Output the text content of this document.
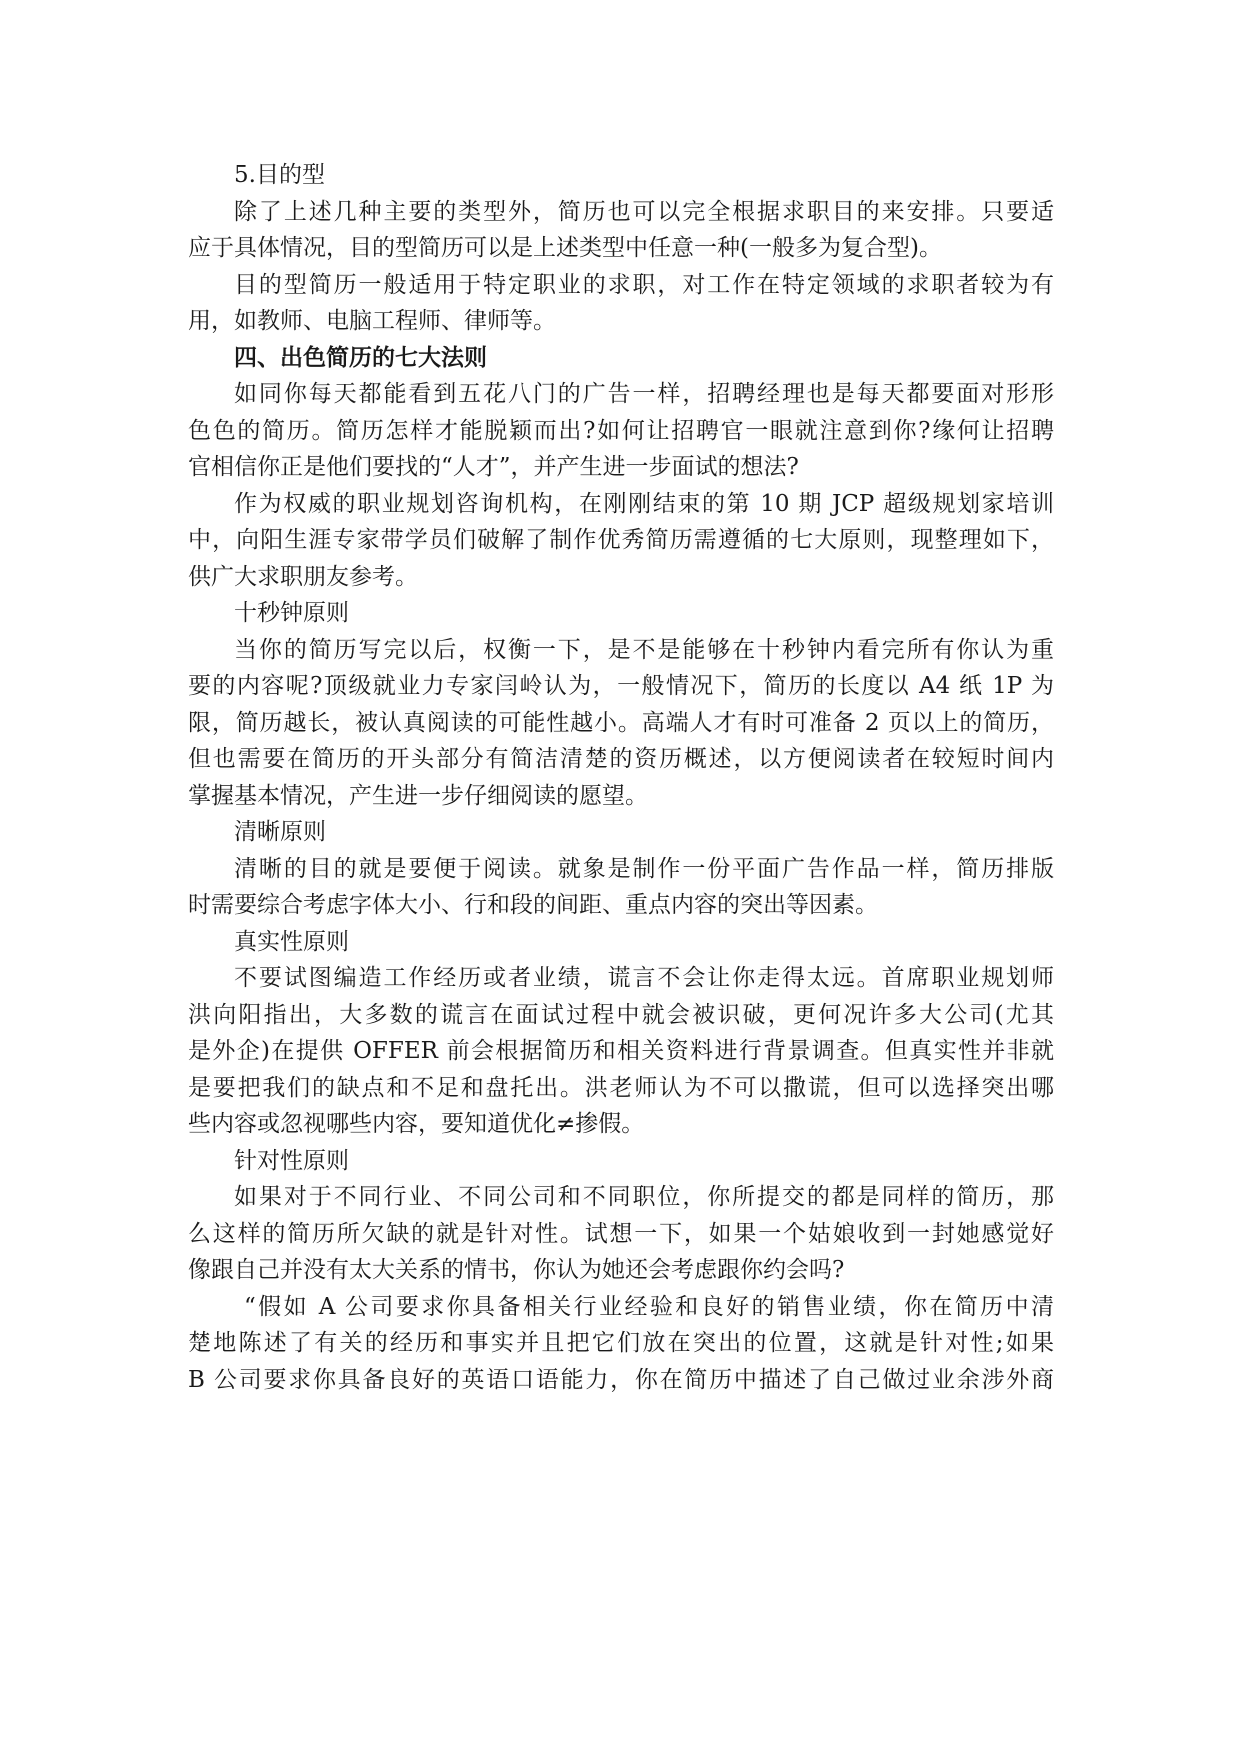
5.目的型
除了上述几种主要的类型外，简历也可以完全根据求职目的来安排。只要适
应于具体情况，目的型简历可以是上述类型中任意一种(一般多为复合型)。
目的型简历一般适用于特定职业的求职，对工作在特定领域的求职者较为有
用，如教师、电脑工程师、律师等。
四、出色简历的七大法则
如同你每天都能看到五花八门的广告一样，招聘经理也是每天都要面对形形
色色的简历。简历怎样才能脱颖而出?如何让招聘官一眼就注意到你?缘何让招聘
官相信你正是他们要找的“人才”，并产生进一步面试的想法?
作为权威的职业规划咨询机构，在刚刚结束的第 10 期 JCP 超级规划家培训
中，向阳生涯专家带学员们破解了制作优秀简历需遵循的七大原则，现整理如下，
供广大求职朋友参考。
十秒钟原则
当你的简历写完以后，权衡一下，是不是能够在十秒钟内看完所有你认为重
要的内容呢?顶级就业力专家闫岭认为，一般情况下，简历的长度以 A4 纸 1P 为
限，简历越长，被认真阅读的可能性越小。高端人才有时可准备 2 页以上的简历，
但也需要在简历的开头部分有简洁清楚的资历概述，以方便阅读者在较短时间内
掌握基本情况，产生进一步仔细阅读的愿望。
清晰原则
清晰的目的就是要便于阅读。就象是制作一份平面广告作品一样，简历排版
时需要综合考虑字体大小、行和段的间距、重点内容的突出等因素。
真实性原则
不要试图编造工作经历或者业绩，谎言不会让你走得太远。首席职业规划师
洪向阳指出，大多数的谎言在面试过程中就会被识破，更何况许多大公司(尤其
是外企)在提供 OFFER 前会根据简历和相关资料进行背景调查。但真实性并非就
是要把我们的缺点和不足和盘托出。洪老师认为不可以撒谎，但可以选择突出哪
些内容或忽视哪些内容，要知道优化≠掺假。
针对性原则
如果对于不同行业、不同公司和不同职位，你所提交的都是同样的简历，那
么这样的简历所欠缺的就是针对性。试想一下，如果一个姑娘收到一封她感觉好
像跟自己并没有太大关系的情书，你认为她还会考虑跟你约会吗?
“假如 A 公司要求你具备相关行业经验和良好的销售业绩，你在简历中清
楚地陈述了有关的经历和事实并且把它们放在突出的位置，这就是针对性;如果
B 公司要求你具备良好的英语口语能力，你在简历中描述了自己做过业余涉外商
